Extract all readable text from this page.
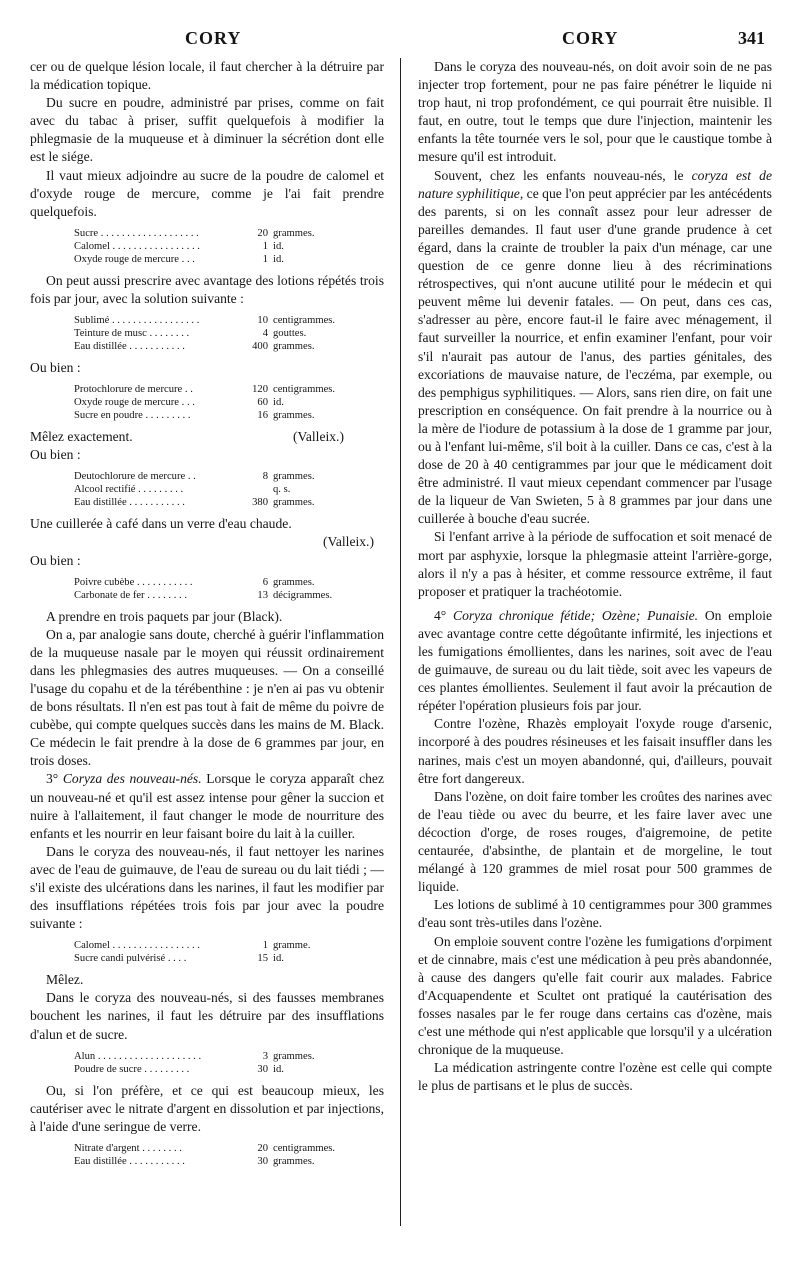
CORY	CORY	341

cer ou de quelque lésion locale, il faut chercher à la détruire par la médication topique.

Du sucre en poudre, administré par prises, comme on fait avec du tabac à priser, suffit quelquefois à modifier la phlegmasie de la muqueuse et à diminuer la sécrétion dont elle est le siége.

Il vaut mieux adjoindre au sucre de la poudre de calomel et d'oxyde rouge de mercure, comme je l'ai fait prendre quelquefois.

Sucre . . . . . . . . . . . . . . . . . . .	20	grammes.
Calomel . . . . . . . . . . . . . . . . .	1	id.
Oxyde rouge de mercure . . .	1	id.

On peut aussi prescrire avec avantage des lotions répétés trois fois par jour, avec la solution suivante :

Sublimé . . . . . . . . . . . . . . . . .	10	centigrammes.
Teinture de musc . . . . . . . .	4	gouttes.
Eau distillée . . . . . . . . . . .	400	grammes.

Ou bien :

Protochlorure de mercure . .	120	centigrammes.
Oxyde rouge de mercure . . .	60	id.
Sucre en poudre . . . . . . . . .	16	grammes.

Mêlez exactement.	(Valleix.)

Ou bien :

Deutochlorure de mercure . .	8	grammes.
Alcool rectifié . . . . . . . . .		q. s.
Eau distillée . . . . . . . . . . .	380	grammes.

Une cuillerée à café dans un verre d'eau chaude.

(Valleix.)

Ou bien :

Poivre cubèbe . . . . . . . . . . .	6	grammes.
Carbonate de fer . . . . . . . .	13	décigrammes.

A prendre en trois paquets par jour (Black).

On a, par analogie sans doute, cherché à guérir l'inflammation de la muqueuse nasale par le moyen qui réussit ordinairement dans les phlegmasies des autres muqueuses. — On a conseillé l'usage du copahu et de la térébenthine : je n'en ai pas vu obtenir de bons résultats. Il n'en est pas tout à fait de même du poivre de cubèbe, qui compte quelques succès dans les mains de M. Black. Ce médecin le fait prendre à la dose de 6 grammes par jour, en trois doses.

3° Coryza des nouveau-nés. Lorsque le coryza apparaît chez un nouveau-né et qu'il est assez intense pour gêner la succion et nuire à l'allaitement, il faut changer le mode de nourriture des enfants et les nourrir en leur faisant boire du lait à la cuiller.

Dans le coryza des nouveau-nés, il faut nettoyer les narines avec de l'eau de guimauve, de l'eau de sureau ou du lait tiédi ; — s'il existe des ulcérations dans les narines, il faut les modifier par des insufflations répétées trois fois par jour avec la poudre suivante :

Calomel . . . . . . . . . . . . . . . . .	1	gramme.
Sucre candi pulvérisé . . . .	15	id.

Mêlez.

Dans le coryza des nouveau-nés, si des fausses membranes bouchent les narines, il faut les détruire par des insufflations d'alun et de sucre.

Alun . . . . . . . . . . . . . . . . . . . .	3	grammes.
Poudre de sucre . . . . . . . . .	30	id.

Ou, si l'on préfère, et ce qui est beaucoup mieux, les cautériser avec le nitrate d'argent en dissolution et par injections, à l'aide d'une seringue de verre.

Nitrate d'argent . . . . . . . .	20	centigrammes.
Eau distillée . . . . . . . . . . .	30	grammes.

Dans le coryza des nouveau-nés, on doit avoir soin de ne pas injecter trop fortement, pour ne pas faire pénétrer le liquide ni trop haut, ni trop profondément, ce qui pourrait être nuisible. Il faut, en outre, tout le temps que dure l'injection, maintenir les enfants la tête tournée vers le sol, pour que le caustique tombe à mesure qu'il est introduit.

Souvent, chez les enfants nouveau-nés, le coryza est de nature syphilitique, ce que l'on peut apprécier par les antécédents des parents, si on les connaît assez pour leur adresser de pareilles demandes. Il faut user d'une grande prudence à cet égard, dans la crainte de troubler la paix d'un ménage, car une question de ce genre donne lieu à des récriminations rétrospectives, qui n'ont aucune utilité pour le médecin et qui peuvent même lui devenir fatales. — On peut, dans ces cas, s'adresser au père, encore faut-il le faire avec ménagement, il faut surveiller la nourrice, et enfin examiner l'enfant, pour voir s'il n'aurait pas autour de l'anus, des parties génitales, des excoriations de mauvaise nature, de l'eczéma, par exemple, ou des pemphigus syphilitiques. — Alors, sans rien dire, on fait une prescription en conséquence. On fait prendre à la nourrice ou à la mère de l'iodure de potassium à la dose de 1 gramme par jour, ou à l'enfant lui-même, s'il boit à la cuiller. Dans ce cas, c'est à la dose de 20 à 40 centigrammes par jour que le médicament doit être administré. Il vaut mieux cependant commencer par l'usage de la liqueur de Van Swieten, 5 à 8 grammes par jour dans une cuillerée à bouche d'eau sucrée.

Si l'enfant arrive à la période de suffocation et soit menacé de mort par asphyxie, lorsque la phlegmasie atteint l'arrière-gorge, alors il n'y a pas à hésiter, et comme ressource extrême, il faut proposer et pratiquer la trachéotomie.

4° Coryza chronique fétide; Ozène; Punaisie. On emploie avec avantage contre cette dégoûtante infirmité, les injections et les fumigations émollientes, dans les narines, soit avec de l'eau de guimauve, de sureau ou du lait tiède, soit avec les vapeurs de ces plantes émollientes. Seulement il faut avoir la précaution de répéter l'opération plusieurs fois par jour.

Contre l'ozène, Rhazès employait l'oxyde rouge d'arsenic, incorporé à des poudres résineuses et les faisait insuffler dans les narines, mais c'est un moyen abandonné, qui, d'ailleurs, pouvait être fort dangereux.

Dans l'ozène, on doit faire tomber les croûtes des narines avec de l'eau tiède ou avec du beurre, et les faire laver avec une décoction d'orge, de roses rouges, d'aigremoine, de petite centaurée, d'absinthe, de plantain et de morgeline, le tout mélangé à 120 grammes de miel rosat pour 500 grammes de liquide.

Les lotions de sublimé à 10 centigrammes pour 300 grammes d'eau sont très-utiles dans l'ozène.

On emploie souvent contre l'ozène les fumigations d'orpiment et de cinnabre, mais c'est une médication à peu près abandonnée, à cause des dangers qu'elle fait courir aux malades. Fabrice d'Acquapendente et Scultet ont pratiqué la cautérisation des fosses nasales par le fer rouge dans certains cas d'ozène, mais c'est une méthode qui n'est applicable que lorsqu'il y a ulcération chronique de la muqueuse.

La médication astringente contre l'ozène est celle qui compte le plus de partisans et le plus de succès.
